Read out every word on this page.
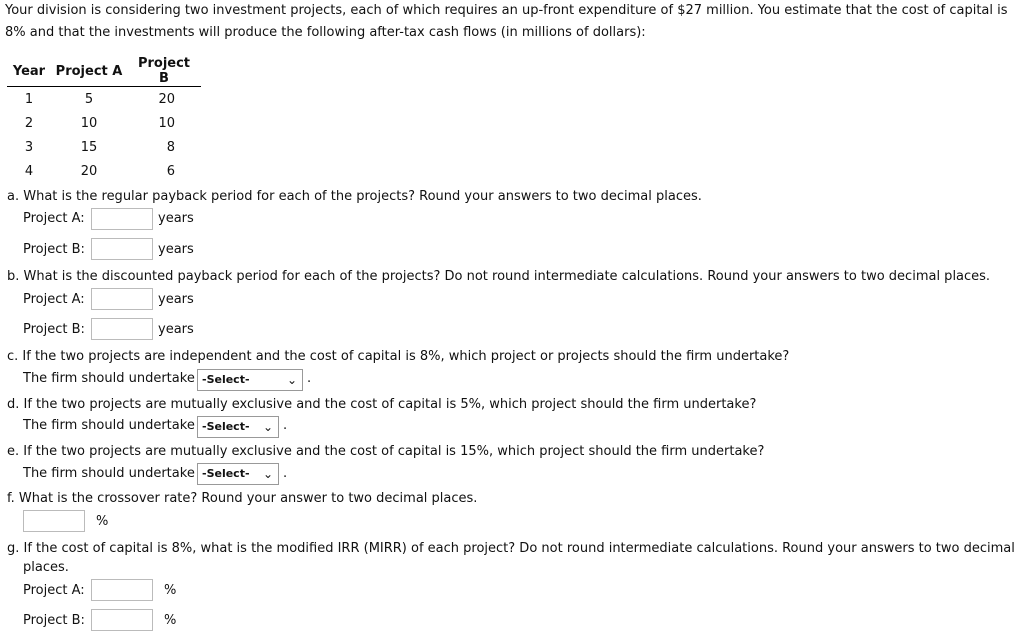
Your division is considering two investment projects, each of which requires an up-front expenditure of $27 million. You estimate that the cost of capital is 8% and that the investments will produce the following after-tax cash flows (in millions of dollars):
Year	Project A	Project B
1	5	20
2	10	10
3	15	8
4	20	6
a. What is the regular payback period for each of the projects? Round your answers to two decimal places.
Project A:	years
Project B:	years
b. What is the discounted payback period for each of the projects? Do not round intermediate calculations. Round your answers to two decimal places.
Project A:	years
Project B:	years
c. If the two projects are independent and the cost of capital is 8%, which project or projects should the firm undertake?
The firm should undertake -Select-	⌄ .
d. If the two projects are mutually exclusive and the cost of capital is 5%, which project should the firm undertake?
The firm should undertake -Select- ⌄ .
e. If the two projects are mutually exclusive and the cost of capital is 15%, which project should the firm undertake?
The firm should undertake -Select- ⌄ .
f. What is the crossover rate? Round your answer to two decimal places.
%
g. If the cost of capital is 8%, what is the modified IRR (MIRR) of each project? Do not round intermediate calculations. Round your answers to two decimal
places.
Project A:	%
Project B:	%
